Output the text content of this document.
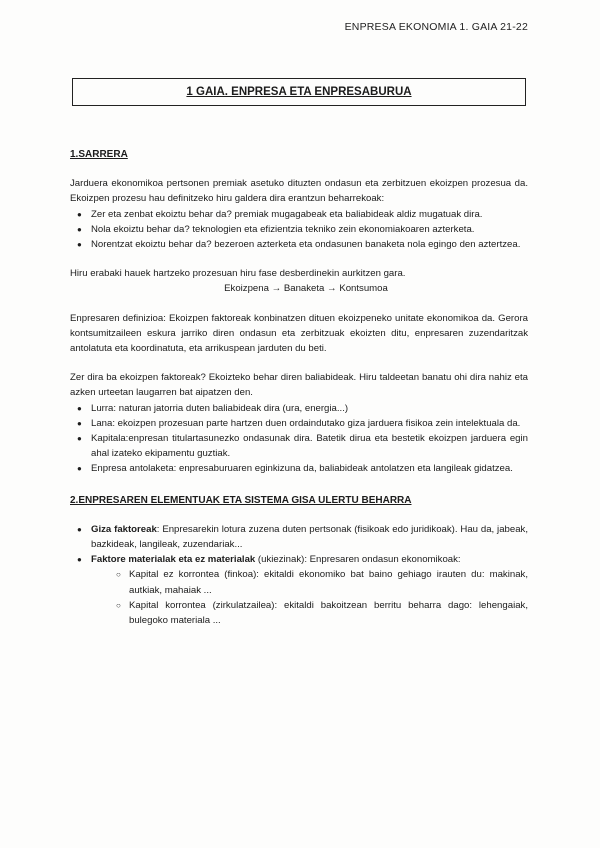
ENPRESA EKONOMIA 1. GAIA 21-22
1 GAIA. ENPRESA ETA ENPRESABURUA
1.SARRERA
Jarduera ekonomikoa pertsonen premiak asetuko dituzten ondasun eta zerbitzuen ekoizpen prozesua da. Ekoizpen prozesu hau definitzeko hiru galdera dira erantzun beharrekoak:
● Zer eta zenbat ekoiztu behar da? premiak mugagabeak eta baliabideak aldiz mugatuak dira.
● Nola ekoiztu behar da? teknologien eta efizientzia tekniko zein ekonomiakoaren azterketa.
● Norentzat ekoiztu behar da? bezeroen azterketa eta ondasunen banaketa nola egingo den aztertzea.
Hiru erabaki hauek hartzeko prozesuan hiru fase desberdinekin aurkitzen gara.
Ekoizpena → Banaketa → Kontsumoa
Enpresaren definizioa: Ekoizpen faktoreak konbinatzen dituen ekoizpeneko unitate ekonomikoa da. Gerora kontsumitzaileen eskura jarriko diren ondasun eta zerbitzuak ekoizten ditu, enpresaren zuzendaritzak antolatuta eta koordinatuta, eta arrikuspean jarduten du beti.
Zer dira ba ekoizpen faktoreak? Ekoizteko behar diren baliabideak. Hiru taldeetan banatu ohi dira nahiz eta azken urteetan laugarren bat aipatzen den.
● Lurra: naturan jatorria duten baliabideak dira (ura, energia...)
● Lana: ekoizpen prozesuan parte hartzen duen ordaindutako giza jarduera fisikoa zein intelektuala da.
● Kapitala:enpresan titulartasunezko ondasunak dira. Batetik dirua eta bestetik ekoizpen jarduera egin ahal izateko ekipamentu guztiak.
● Enpresa antolaketa: enpresaburuaren eginkizuna da, baliabideak antolatzen eta langileak gidatzea.
2.ENPRESAREN ELEMENTUAK ETA SISTEMA GISA ULERTU BEHARRA
● Giza faktoreak: Enpresarekin lotura zuzena duten pertsonak (fisikoak edo juridikoak). Hau da, jabeak, bazkideak, langileak, zuzendariak...
● Faktore materialak eta ez materialak (ukiezinak): Enpresaren ondasun ekonomikoak:
○ Kapital ez korrontea (finkoa): ekitaldi ekonomiko bat baino gehiago irauten du: makinak, autkiak, mahaiak ...
○ Kapital korrontea (zirkulatzailea): ekitaldi bakoitzean berritu beharra dago: lehengaiak, bulegoko materiala ...
